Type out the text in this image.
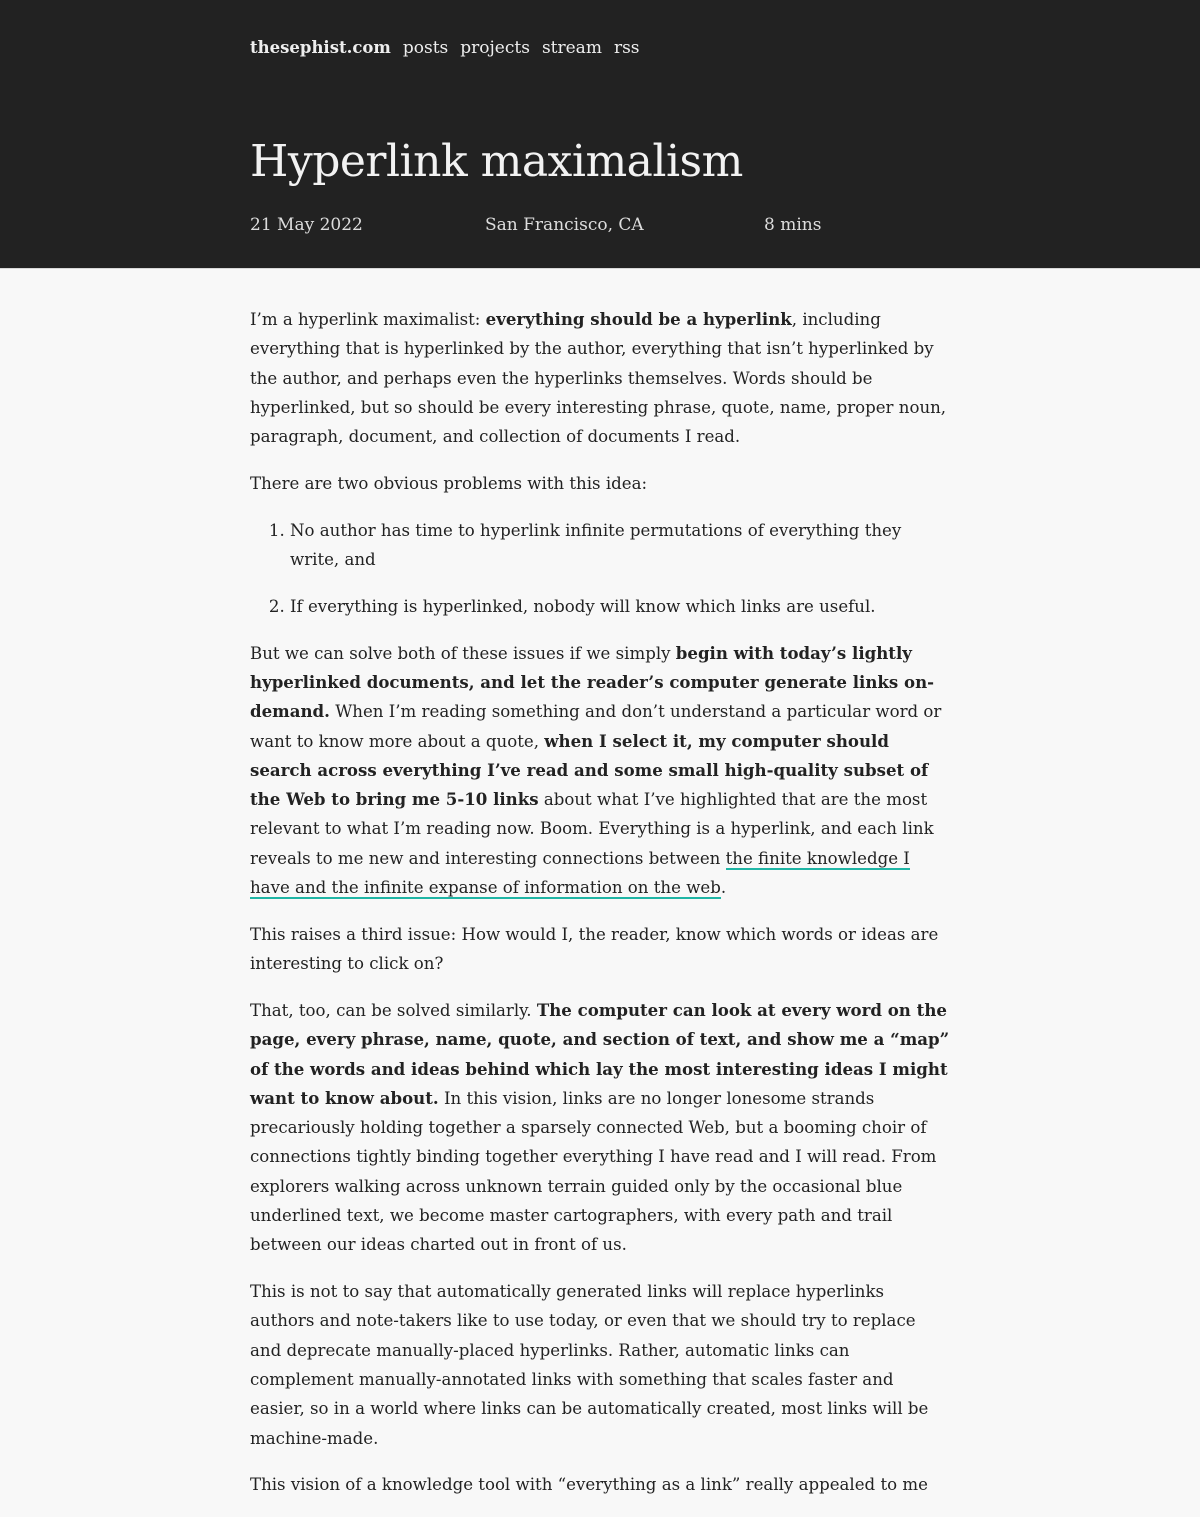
thesephist.com posts projects stream rss
Hyperlink maximalism
21 May 2022	San Francisco, CA	8 mins

I’m a hyperlink maximalist: everything should be a hyperlink, including everything that is hyperlinked by the author, everything that isn’t hyperlinked by the author, and perhaps even the hyperlinks themselves. Words should be hyperlinked, but so should be every interesting phrase, quote, name, proper noun, paragraph, document, and collection of documents I read.

There are two obvious problems with this idea:

1. No author has time to hyperlink infinite permutations of everything they write, and
2. If everything is hyperlinked, nobody will know which links are useful.

But we can solve both of these issues if we simply begin with today’s lightly hyperlinked documents, and let the reader’s computer generate links on-demand. When I’m reading something and don’t understand a particular word or want to know more about a quote, when I select it, my computer should search across everything I’ve read and some small high-quality subset of the Web to bring me 5-10 links about what I’ve highlighted that are the most relevant to what I’m reading now. Boom. Everything is a hyperlink, and each link reveals to me new and interesting connections between the finite knowledge I have and the infinite expanse of information on the web.

This raises a third issue: How would I, the reader, know which words or ideas are interesting to click on?

That, too, can be solved similarly. The computer can look at every word on the page, every phrase, name, quote, and section of text, and show me a “map” of the words and ideas behind which lay the most interesting ideas I might want to know about. In this vision, links are no longer lonesome strands precariously holding together a sparsely connected Web, but a booming choir of connections tightly binding together everything I have read and I will read. From explorers walking across unknown terrain guided only by the occasional blue underlined text, we become master cartographers, with every path and trail between our ideas charted out in front of us.

This is not to say that automatically generated links will replace hyperlinks authors and note-takers like to use today, or even that we should try to replace and deprecate manually-placed hyperlinks. Rather, automatic links can complement manually-annotated links with something that scales faster and easier, so in a world where links can be automatically created, most links will be machine-made.

This vision of a knowledge tool with “everything as a link” really appealed to me
